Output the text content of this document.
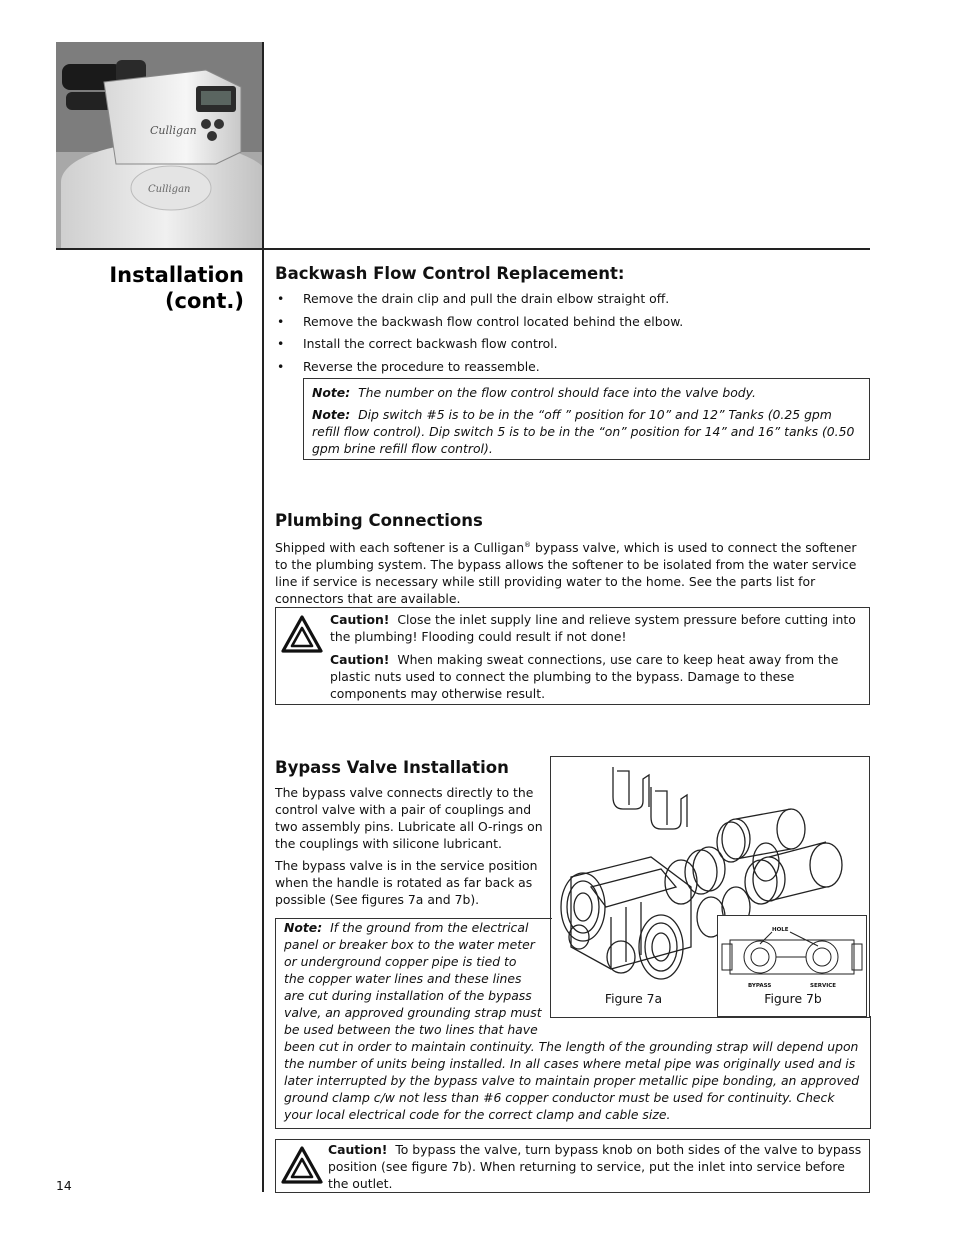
Culligan
Culligan
Installation
(cont.)
Backwash Flow Control Replacement:
• Remove the drain clip and pull the drain elbow straight off.
• Remove the backwash flow control located behind the elbow.
• Install the correct backwash flow control.
• Reverse the procedure to reassemble.
Note: The number on the flow control should face into the valve body.
Note: Dip switch #5 is to be in the “off ” position for 10” and 12” Tanks (0.25 gpm refill flow control). Dip switch 5 is to be in the “on” position for 14” and 16” tanks (0.50 gpm brine refill flow control).
Plumbing Connections
Shipped with each softener is a Culligan® bypass valve, which is used to connect the softener to the plumbing system. The bypass allows the softener to be isolated from the water service line if service is necessary while still providing water to the home. See the parts list for connectors that are available.
Caution! Close the inlet supply line and relieve system pressure before cutting into the plumbing! Flooding could result if not done!
Caution! When making sweat connections, use care to keep heat away from the plastic nuts used to connect the plumbing to the bypass. Damage to these components may otherwise result.
Bypass Valve Installation
The bypass valve connects directly to the control valve with a pair of couplings and two assembly pins. Lubricate all O-rings on the couplings with silicone lubricant.
The bypass valve is in the service position when the handle is rotated as far back as possible (See figures 7a and 7b).
HOLE
BYPASS	SERVICE
Figure 7b
Figure 7a
Note: If the ground from the electrical
panel or breaker box to the water meter
or underground copper pipe is tied to
the copper water lines and these lines
are cut during installation of the bypass
valve, an approved grounding strap must
be used between the two lines that have
been cut in order to maintain continuity. The length of the grounding strap will depend upon the number of units being installed. In all cases where metal pipe was originally used and is later interrupted by the bypass valve to maintain proper metallic pipe bonding, an approved ground clamp c/w not less than #6 copper conductor must be used for continuity. Check your local electrical code for the correct clamp and cable size.
Caution! To bypass the valve, turn bypass knob on both sides of the valve to bypass position (see figure 7b). When returning to service, put the inlet into service before the outlet.
14
